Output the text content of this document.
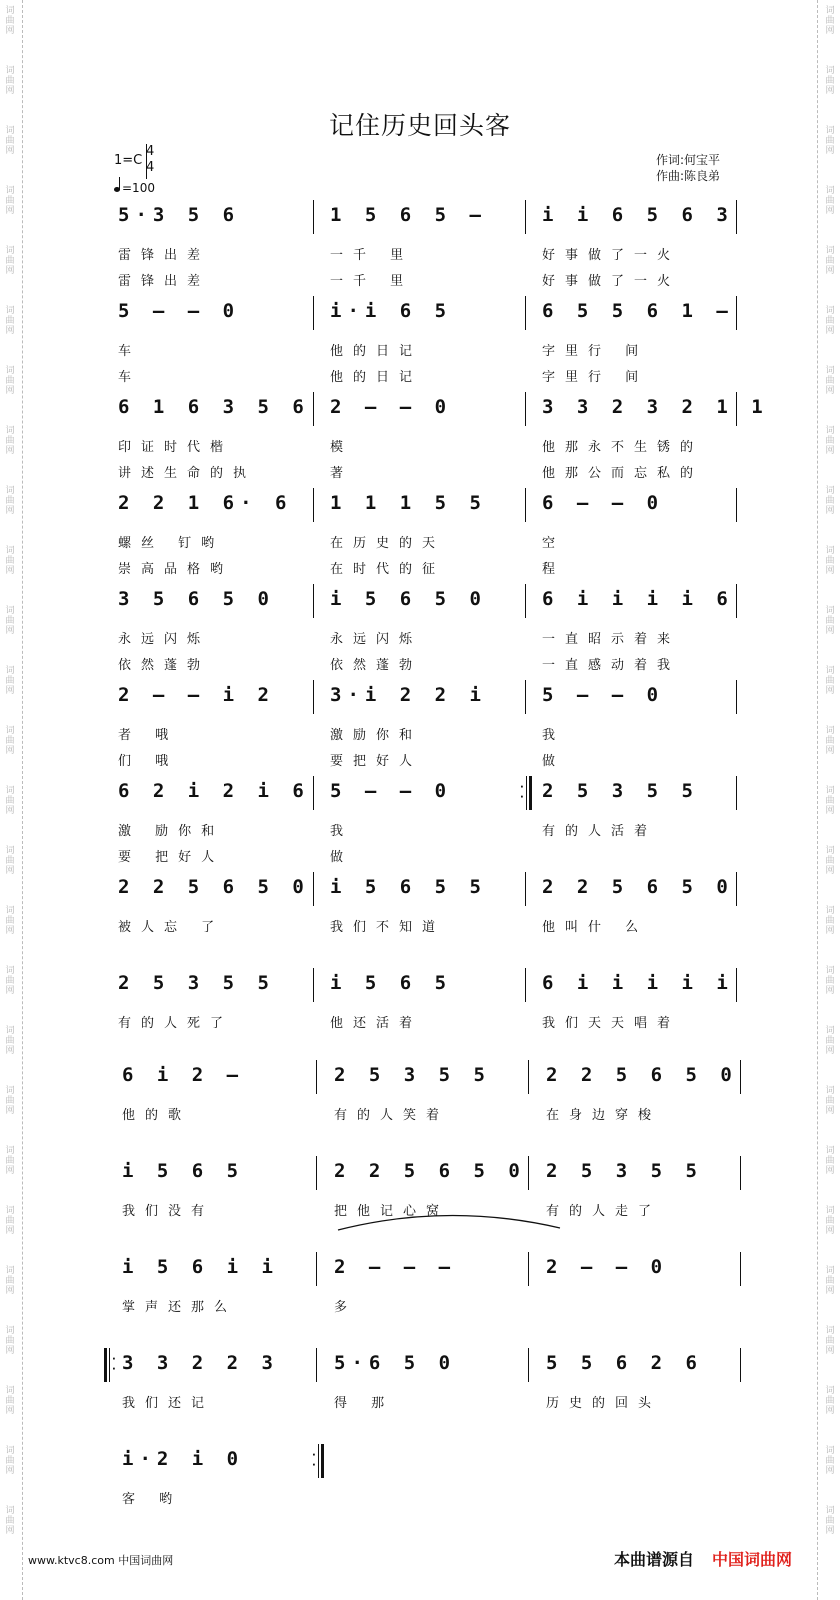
词曲网
词曲网
词曲网
词曲网
词曲网
词曲网
词曲网
词曲网
词曲网
词曲网
词曲网
词曲网
词曲网
词曲网
词曲网
词曲网
词曲网
词曲网
词曲网
词曲网
词曲网
词曲网
词曲网
词曲网
词曲网
词曲网
词曲网
词曲网
词曲网
词曲网
词曲网
词曲网
词曲网
词曲网
词曲网
词曲网
词曲网
词曲网
词曲网
词曲网
词曲网
词曲网
词曲网
词曲网
词曲网
词曲网
词曲网
词曲网
词曲网
词曲网
词曲网
词曲网
记住历史回头客
1=C
4
4
=100
作词:何宝平
作曲:陈良弟
5·3 5 6
雷锋出差
雷锋出差
1 5 6 5 –
一千 里
一千 里
i i 6 5 6 3
好事做了一火
好事做了一火
5 – – 0
车
车
i·i 6 5
他的日记
他的日记
6 5 5 6 1 –
字里行 间
字里行 间
6 1 6 3 5 6
印证时代楷
讲述生命的执
2 – – 0
模
著
3 3 2 3 2 1 1
他那永不生锈的
他那公而忘私的
2 2 1 6· 6
螺丝 钉哟
崇高品格哟
1 1 1 5 5
在历史的天
在时代的征
6 – – 0
空
程
3 5 6 5 0
永远闪烁
依然蓬勃
i 5 6 5 0
永远闪烁
依然蓬勃
6 i i i i 6
一直昭示着来
一直感动着我
2 – – i 2
者 哦
们 哦
3·i 2 2 i
激励你和
要把好人
5 – – 0
我
做
6 2 i 2 i 6
激 励你和
要 把好人
5 – – 0
我
做
·
· 2 5 3 5 5
有的人活着
2 2 5 6 5 0
被人忘 了
i 5 6 5 5
我们不知道
2 2 5 6 5 0
他叫什 么
2 5 3 5 5
有的人死了
i 5 6 5
他还活着
6 i i i i i
我们天天唱着
6 i 2 –
他的歌
2 5 3 5 5
有的人笑着
2 2 5 6 5 0
在身边穿梭
i 5 6 5
我们没有
2 2 5 6 5 0
把他记心窝
2 5 3 5 5
有的人走了
i 5 6 i i
掌声还那么
2 – – –
多
2 – – 0
·
· 3 3 2 2 3
我们还记
5·6 5 0
得 那
5 5 6 2 6
历史的回头
i·2 i 0
客 哟
·
·
www.ktvc8.com 中国词曲网	本曲谱源自 中国词曲网
